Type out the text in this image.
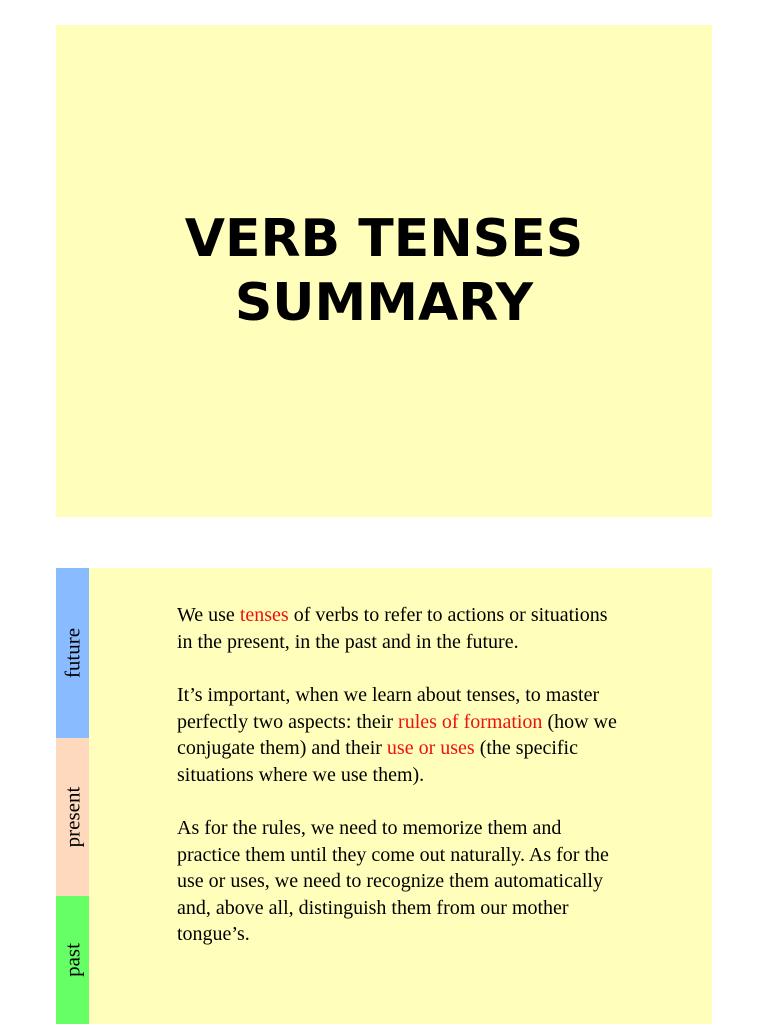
VERB TENSES
SUMMARY
future
present
past

We use tenses of verbs to refer to actions or situations in the present, in the past and in the future.

It’s important, when we learn about tenses, to master perfectly two aspects: their rules of formation (how we conjugate them) and their use or uses (the specific situations where we use them).

As for the rules, we need to memorize them and practice them until they come out naturally. As for the use or uses, we need to recognize them automatically and, above all, distinguish them from our mother tongue’s.
